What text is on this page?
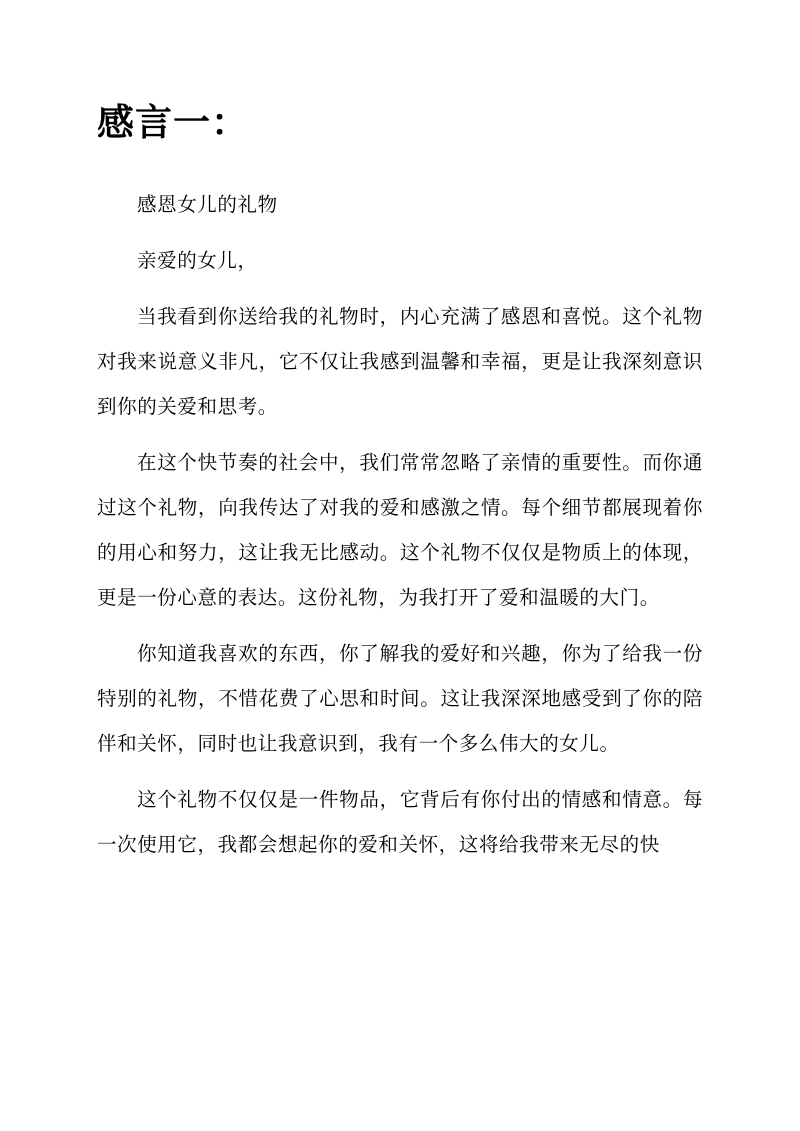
感言一：

感恩女儿的礼物

亲爱的女儿，

当我看到你送给我的礼物时，内心充满了感恩和喜悦。这个礼物对我来说意义非凡，它不仅让我感到温馨和幸福，更是让我深刻意识到你的关爱和思考。

在这个快节奏的社会中，我们常常忽略了亲情的重要性。而你通过这个礼物，向我传达了对我的爱和感激之情。每个细节都展现着你的用心和努力，这让我无比感动。这个礼物不仅仅是物质上的体现，更是一份心意的表达。这份礼物，为我打开了爱和温暖的大门。

你知道我喜欢的东西，你了解我的爱好和兴趣，你为了给我一份特别的礼物，不惜花费了心思和时间。这让我深深地感受到了你的陪伴和关怀，同时也让我意识到，我有一个多么伟大的女儿。

这个礼物不仅仅是一件物品，它背后有你付出的情感和情意。每一次使用它，我都会想起你的爱和关怀，这将给我带来无尽的快
